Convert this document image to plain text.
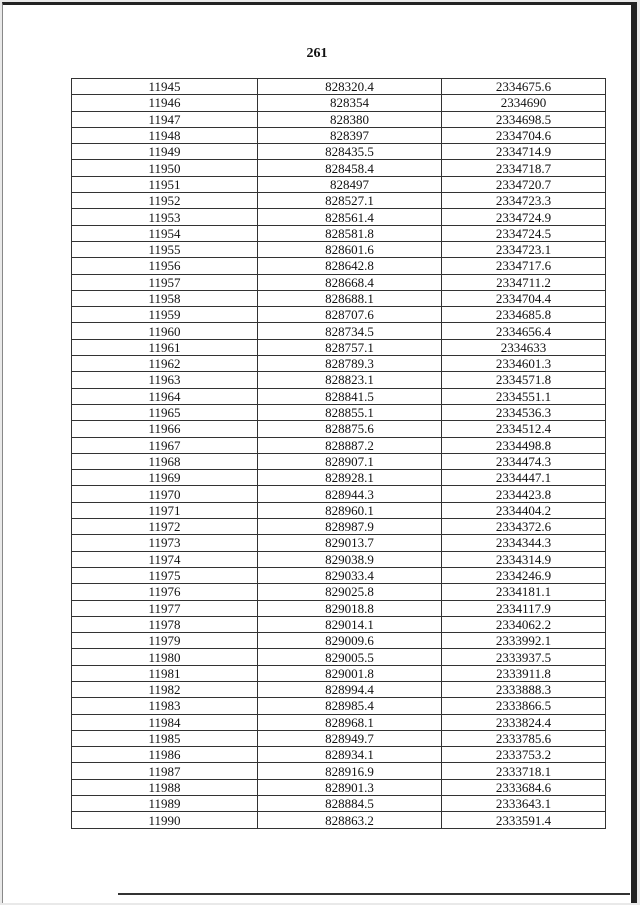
261
11945	828320.4	2334675.6
11946	828354	2334690
11947	828380	2334698.5
11948	828397	2334704.6
11949	828435.5	2334714.9
11950	828458.4	2334718.7
11951	828497	2334720.7
11952	828527.1	2334723.3
11953	828561.4	2334724.9
11954	828581.8	2334724.5
11955	828601.6	2334723.1
11956	828642.8	2334717.6
11957	828668.4	2334711.2
11958	828688.1	2334704.4
11959	828707.6	2334685.8
11960	828734.5	2334656.4
11961	828757.1	2334633
11962	828789.3	2334601.3
11963	828823.1	2334571.8
11964	828841.5	2334551.1
11965	828855.1	2334536.3
11966	828875.6	2334512.4
11967	828887.2	2334498.8
11968	828907.1	2334474.3
11969	828928.1	2334447.1
11970	828944.3	2334423.8
11971	828960.1	2334404.2
11972	828987.9	2334372.6
11973	829013.7	2334344.3
11974	829038.9	2334314.9
11975	829033.4	2334246.9
11976	829025.8	2334181.1
11977	829018.8	2334117.9
11978	829014.1	2334062.2
11979	829009.6	2333992.1
11980	829005.5	2333937.5
11981	829001.8	2333911.8
11982	828994.4	2333888.3
11983	828985.4	2333866.5
11984	828968.1	2333824.4
11985	828949.7	2333785.6
11986	828934.1	2333753.2
11987	828916.9	2333718.1
11988	828901.3	2333684.6
11989	828884.5	2333643.1
11990	828863.2	2333591.4
